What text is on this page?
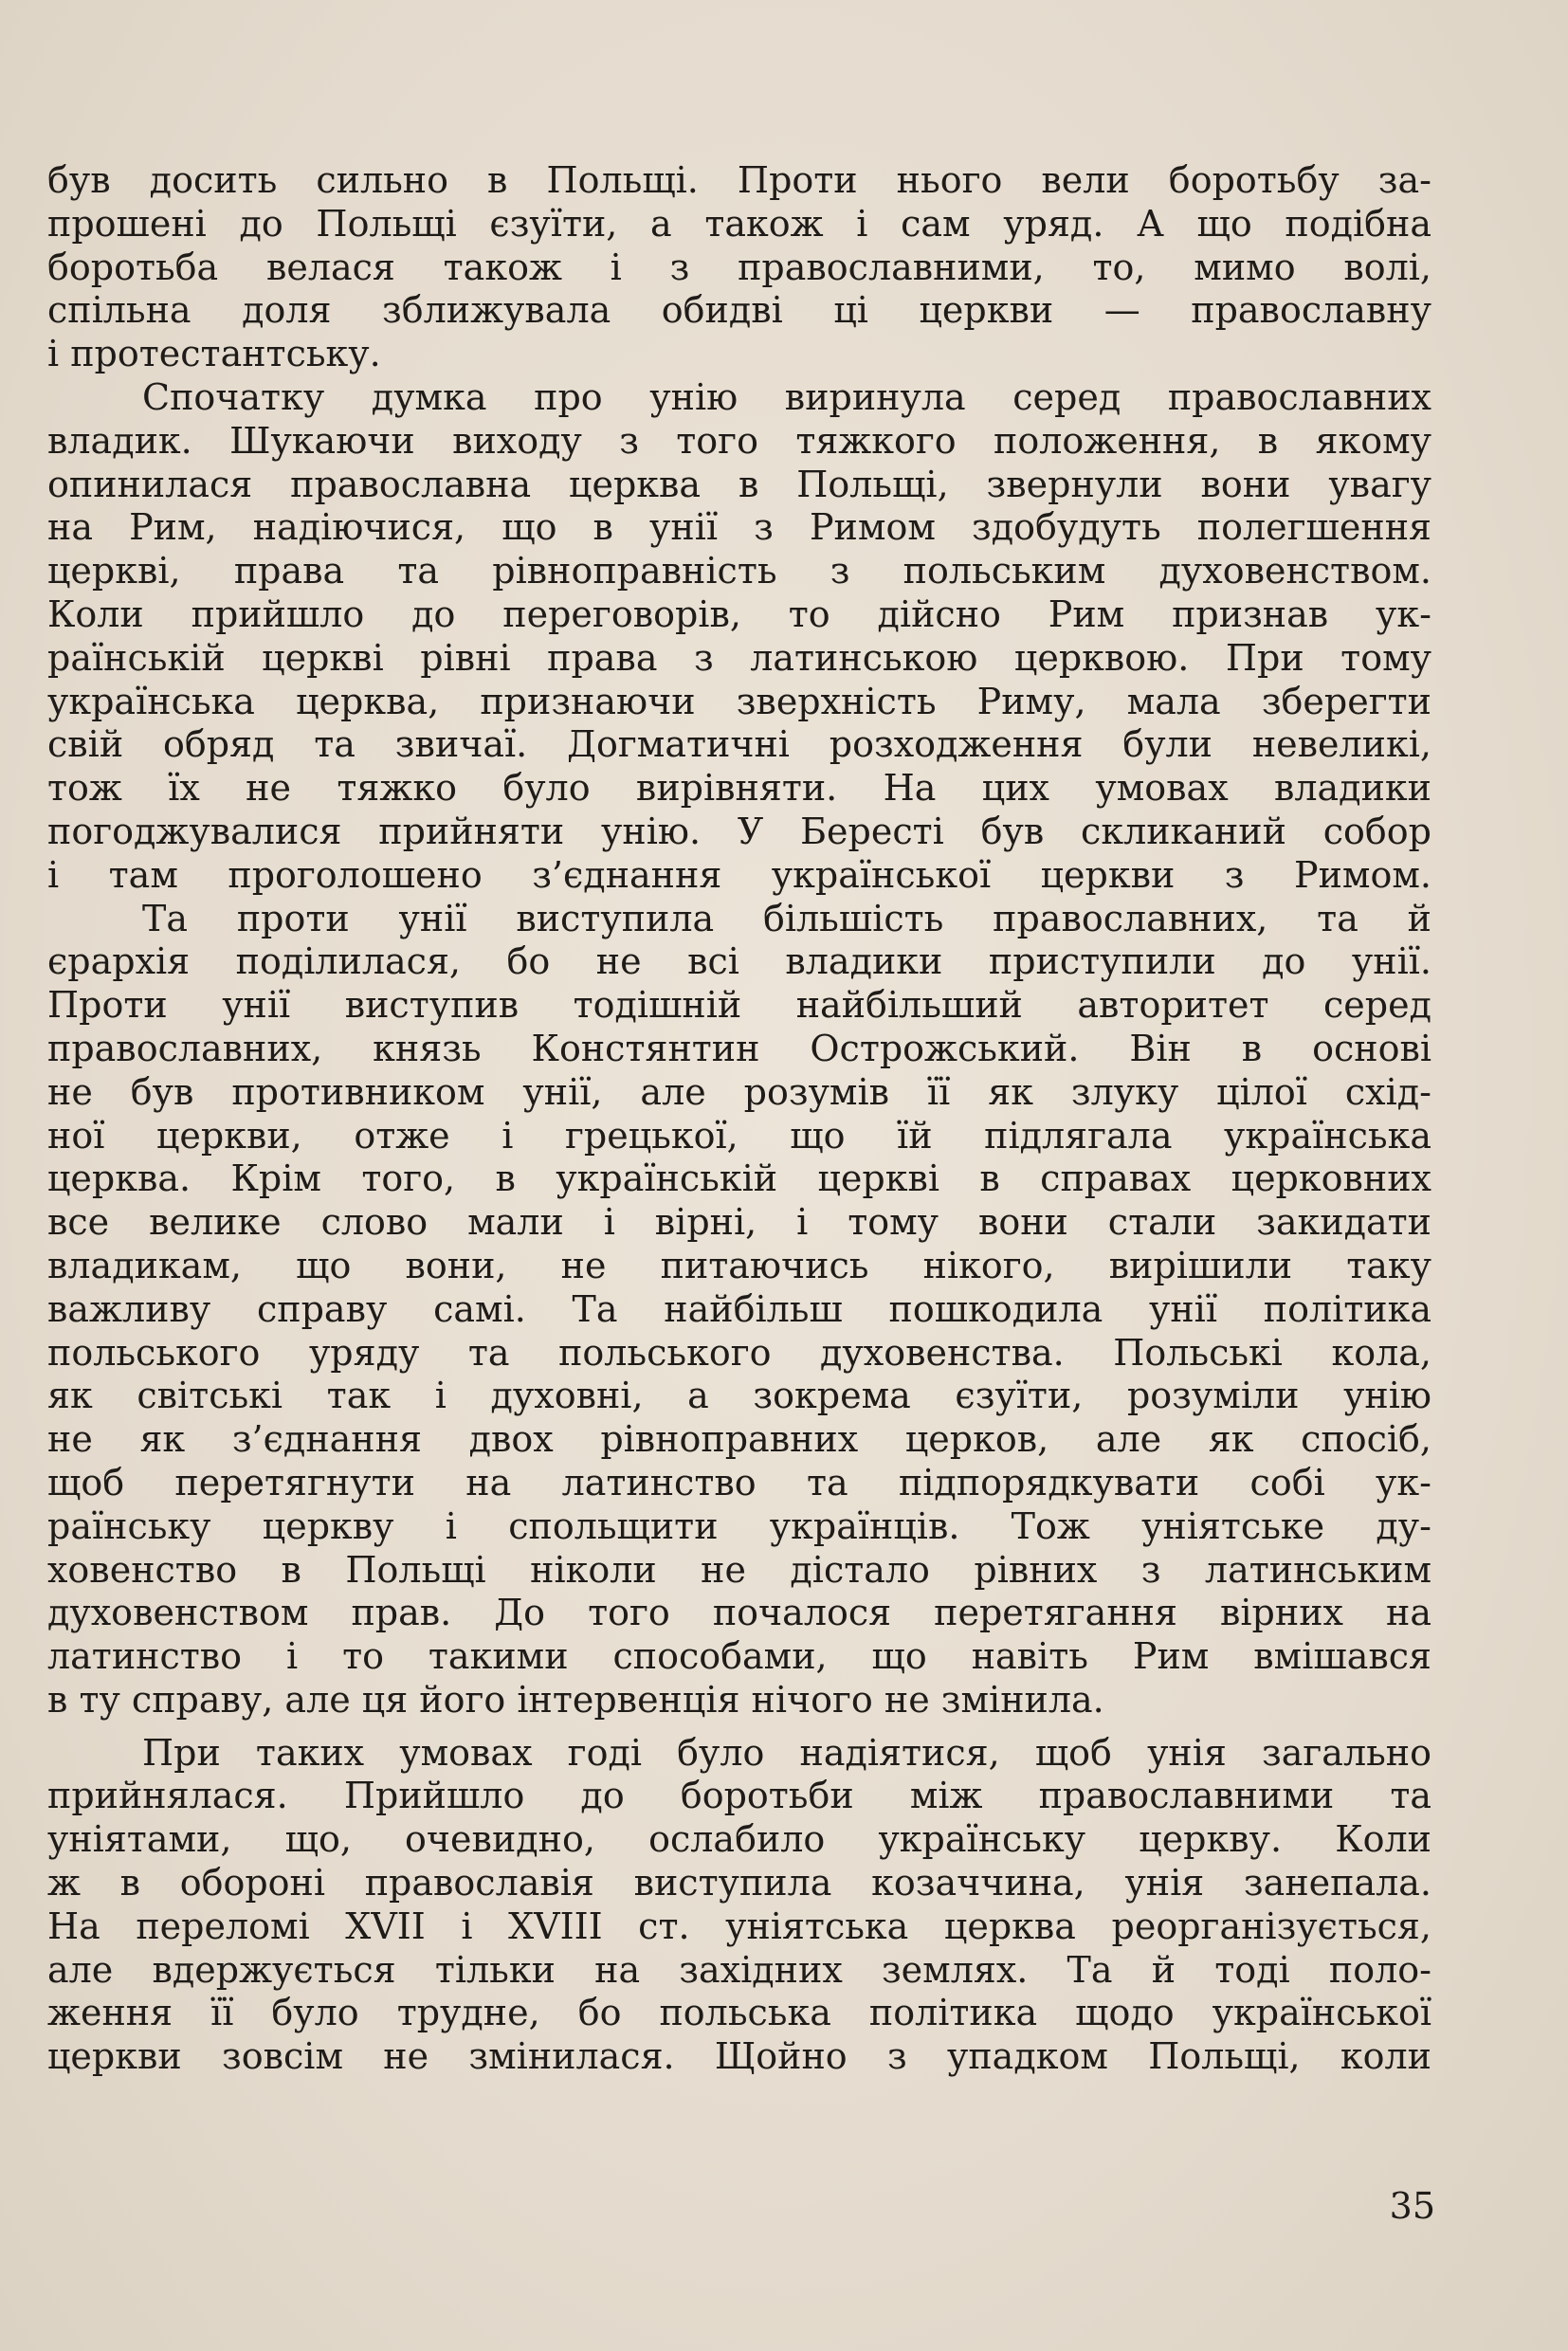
був досить сильно в Польщі. Проти нього вели боротьбу за-
прошені до Польщі єзуїти, а також і сам уряд. А що подібна
боротьба велася також і з православними, то, мимо волі,
спільна доля зближувала обидві ці церкви — православну
і протестантську.
Спочатку думка про унію виринула серед православних
владик. Шукаючи виходу з того тяжкого положення, в якому
опинилася православна церква в Польщі, звернули вони увагу
на Рим, надіючися, що в унії з Римом здобудуть полегшення
церкві, права та рівноправність з польським духовенством.
Коли прийшло до переговорів, то дійсно Рим признав ук-
раїнській церкві рівні права з латинською церквою. При тому
українська церква, признаючи зверхність Риму, мала зберегти
свій обряд та звичаї. Догматичні розходження були невеликі,
тож їх не тяжко було вирівняти. На цих умовах владики
погоджувалися прийняти унію. У Бересті був скликаний собор
і там проголошено з’єднання української церкви з Римом.
Та проти унії виступила більшість православних, та й
єрархія поділилася, бо не всі владики приступили до унії.
Проти унії виступив тодішній найбільший авторитет серед
православних, князь Констянтин Острожський. Він в основі
не був противником унії, але розумів її як злуку цілої схід-
ної церкви, отже і грецької, що їй підлягала українська
церква. Крім того, в українській церкві в справах церковних
все велике слово мали і вірні, і тому вони стали закидати
владикам, що вони, не питаючись нікого, вирішили таку
важливу справу самі. Та найбільш пошкодила унії політика
польського уряду та польського духовенства. Польські кола,
як світські так і духовні, а зокрема єзуїти, розуміли унію
не як з’єднання двох рівноправних церков, але як спосіб,
щоб перетягнути на латинство та підпорядкувати собі ук-
раїнську церкву і спольщити українців. Тож уніятське ду-
ховенство в Польщі ніколи не дістало рівних з латинським
духовенством прав. До того почалося перетягання вірних на
латинство і то такими способами, що навіть Рим вмішався
в ту справу, але ця його інтервенція нічого не змінила.
При таких умовах годі було надіятися, щоб унія загально
прийнялася. Прийшло до боротьби між православними та
уніятами, що, очевидно, ослабило українську церкву. Коли
ж в обороні православія виступила козаччина, унія занепала.
На переломі XVII і XVIII ст. уніятська церква реорганізується,
але вдержується тільки на західних землях. Та й тоді поло-
ження її було трудне, бо польська політика щодо української
церкви зовсім не змінилася. Щойно з упадком Польщі, коли
35
